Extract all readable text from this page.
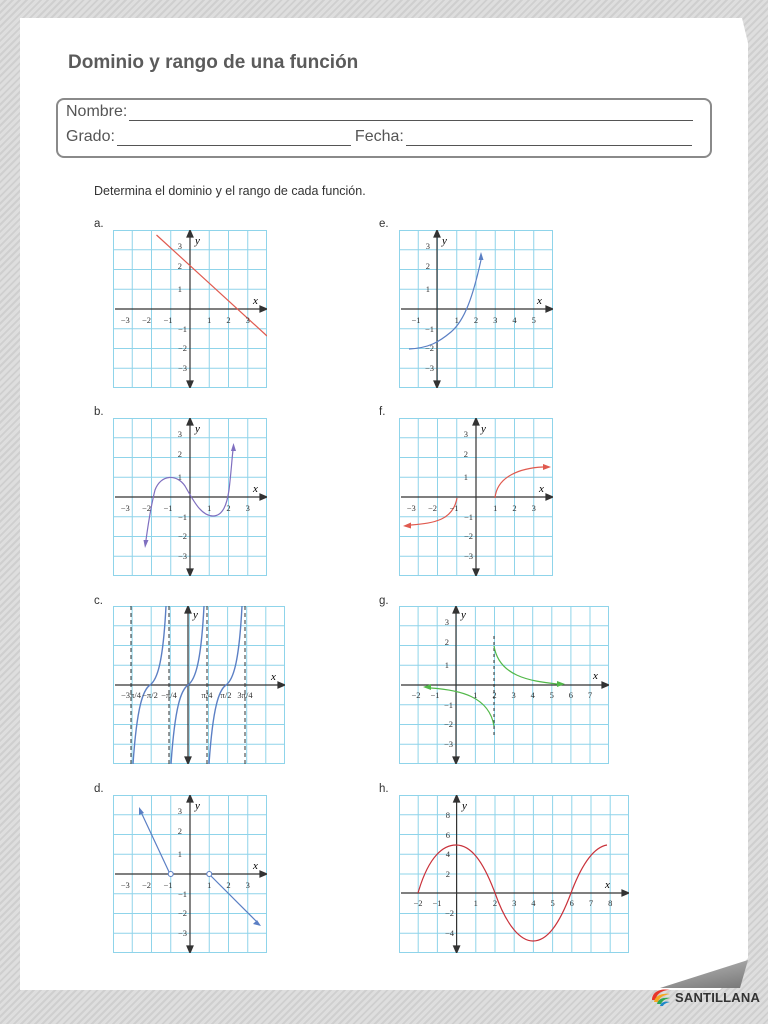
Dominio y rango de una función
Nombre:
Grado:	Fecha:
Determina el dominio y el rango de cada función.
a.	e.
b.	f.
c.	g.
d.	h.
−3 −2 −1	1 2 3
3
2
1
−1
−2
−3
x
y
−1	1 2 3 4 5
3
2
1
−1
−2
−3
x
y
−3 −2 −1	1 2 3
3
2
1
−1
−2
−3
x
y
−3 −2 −1	1 2 3
3
2
1
−1
−2
−3
x
y
−3π/4 −π/2 −π/4	π/4 π/2 3π/4
x
y
−2 −1	1 2 3 4 5 6 7
3
2
1
−1
−2
−3
x
y
−3 −2 −1	1 2 3
3
2
1
−1
−2
−3
x
y
−2 −1	1 2 3 4 5 6 7 8
8
6
4
2
−2
−4
x
y
SANTILLANA
